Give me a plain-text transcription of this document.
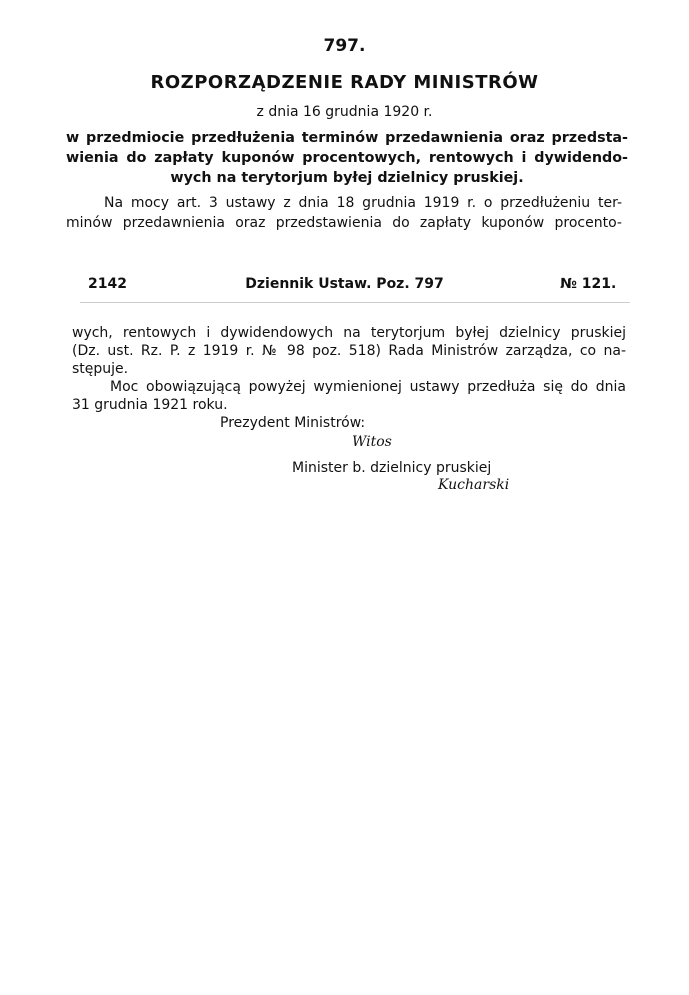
797.
ROZPORZĄDZENIE RADY MINISTRÓW
z dnia 16 grudnia 1920 r.
w przedmiocie przedłużenia terminów przedawnienia oraz przedsta-
wienia do zapłaty kuponów procentowych, rentowych i dywidendo-
wych na terytorjum byłej dzielnicy pruskiej.
Na mocy art. 3 ustawy z dnia 18 grudnia 1919 r. o przedłużeniu ter-
minów przedawnienia oraz przedstawienia do zapłaty kuponów procento-
2142	Dziennik Ustaw. Poz. 797	№ 121.
wych, rentowych i dywidendowych na terytorjum byłej dzielnicy pruskiej
(Dz. ust. Rz. P. z 1919 r. № 98 poz. 518) Rada Ministrów zarządza, co na-
stępuje.
Moc obowiązującą powyżej wymienionej ustawy przedłuża się do dnia
31 grudnia 1921 roku.
Prezydent Ministrów:
Witos
Minister b. dzielnicy pruskiej
Kucharski
